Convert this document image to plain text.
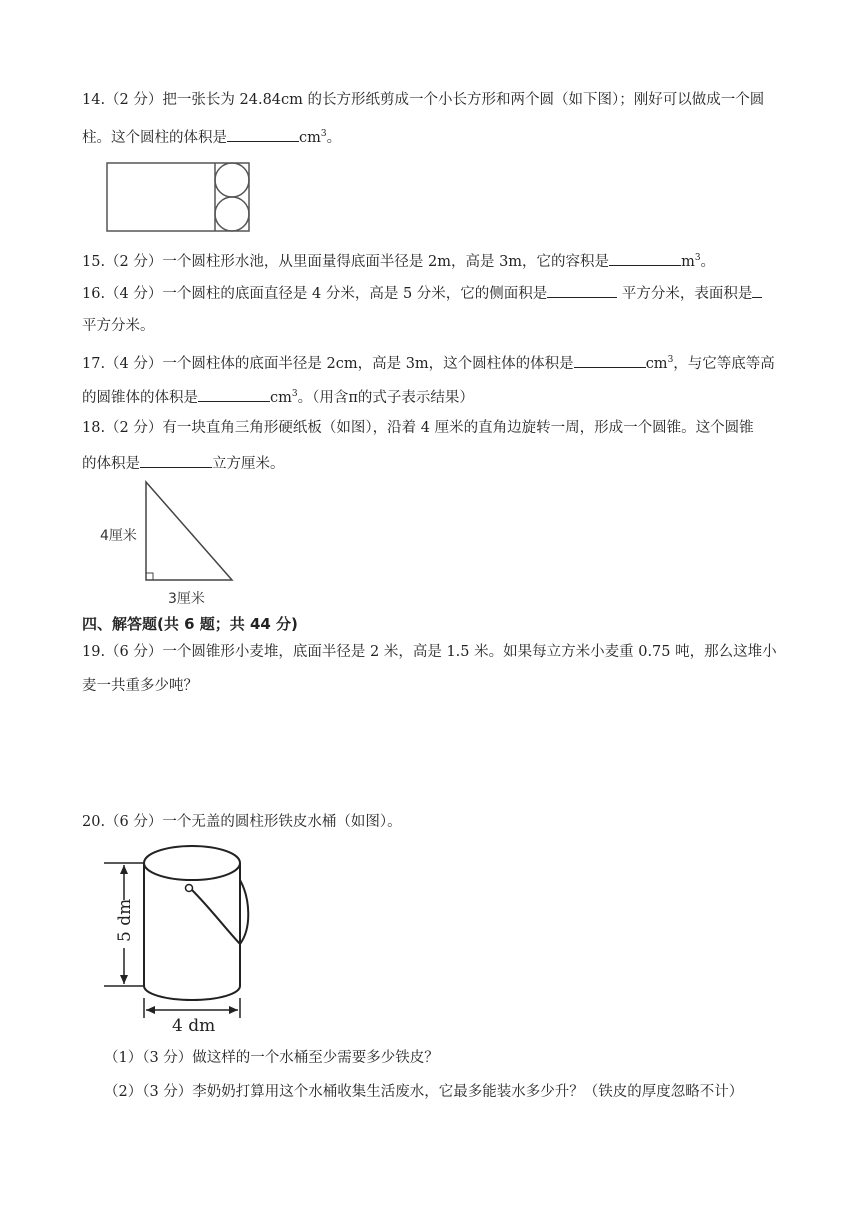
14.（2 分）把一张长为 24.84cm 的长方形纸剪成一个小长方形和两个圆（如下图）；刚好可以做成一个圆
柱。这个圆柱的体积是	$cm^3$。
15.（2 分）一个圆柱形水池，从里面量得底面半径是 2m，高是 3m，它的容积是	$m^3$。
16.（4 分）一个圆柱的底面直径是 4 分米，高是 5 分米，它的侧面积是	平方分米，表面积是
平方分米。
17.（4 分）一个圆柱体的底面半径是 2cm，高是 3m，这个圆柱体的体积是	$cm^3$，与它等底等高
的圆锥体的体积是	$cm^3$。（用含π的式子表示结果）
18.（2 分）有一块直角三角形硬纸板（如图），沿着 4 厘米的直角边旋转一周，形成一个圆锥。这个圆锥
的体积是	立方厘米。
4厘米
3厘米
四、解答题(共 6 题；共 44 分)
19.（6 分）一个圆锥形小麦堆，底面半径是 2 米，高是 1.5 米。如果每立方米小麦重 0.75 吨，那么这堆小
麦一共重多少吨？
20.（6 分）一个无盖的圆柱形铁皮水桶（如图）。
5 dm
4 dm
（1）（3 分）做这样的一个水桶至少需要多少铁皮？
（2）（3 分）李奶奶打算用这个水桶收集生活废水，它最多能装水多少升？（铁皮的厚度忽略不计）
